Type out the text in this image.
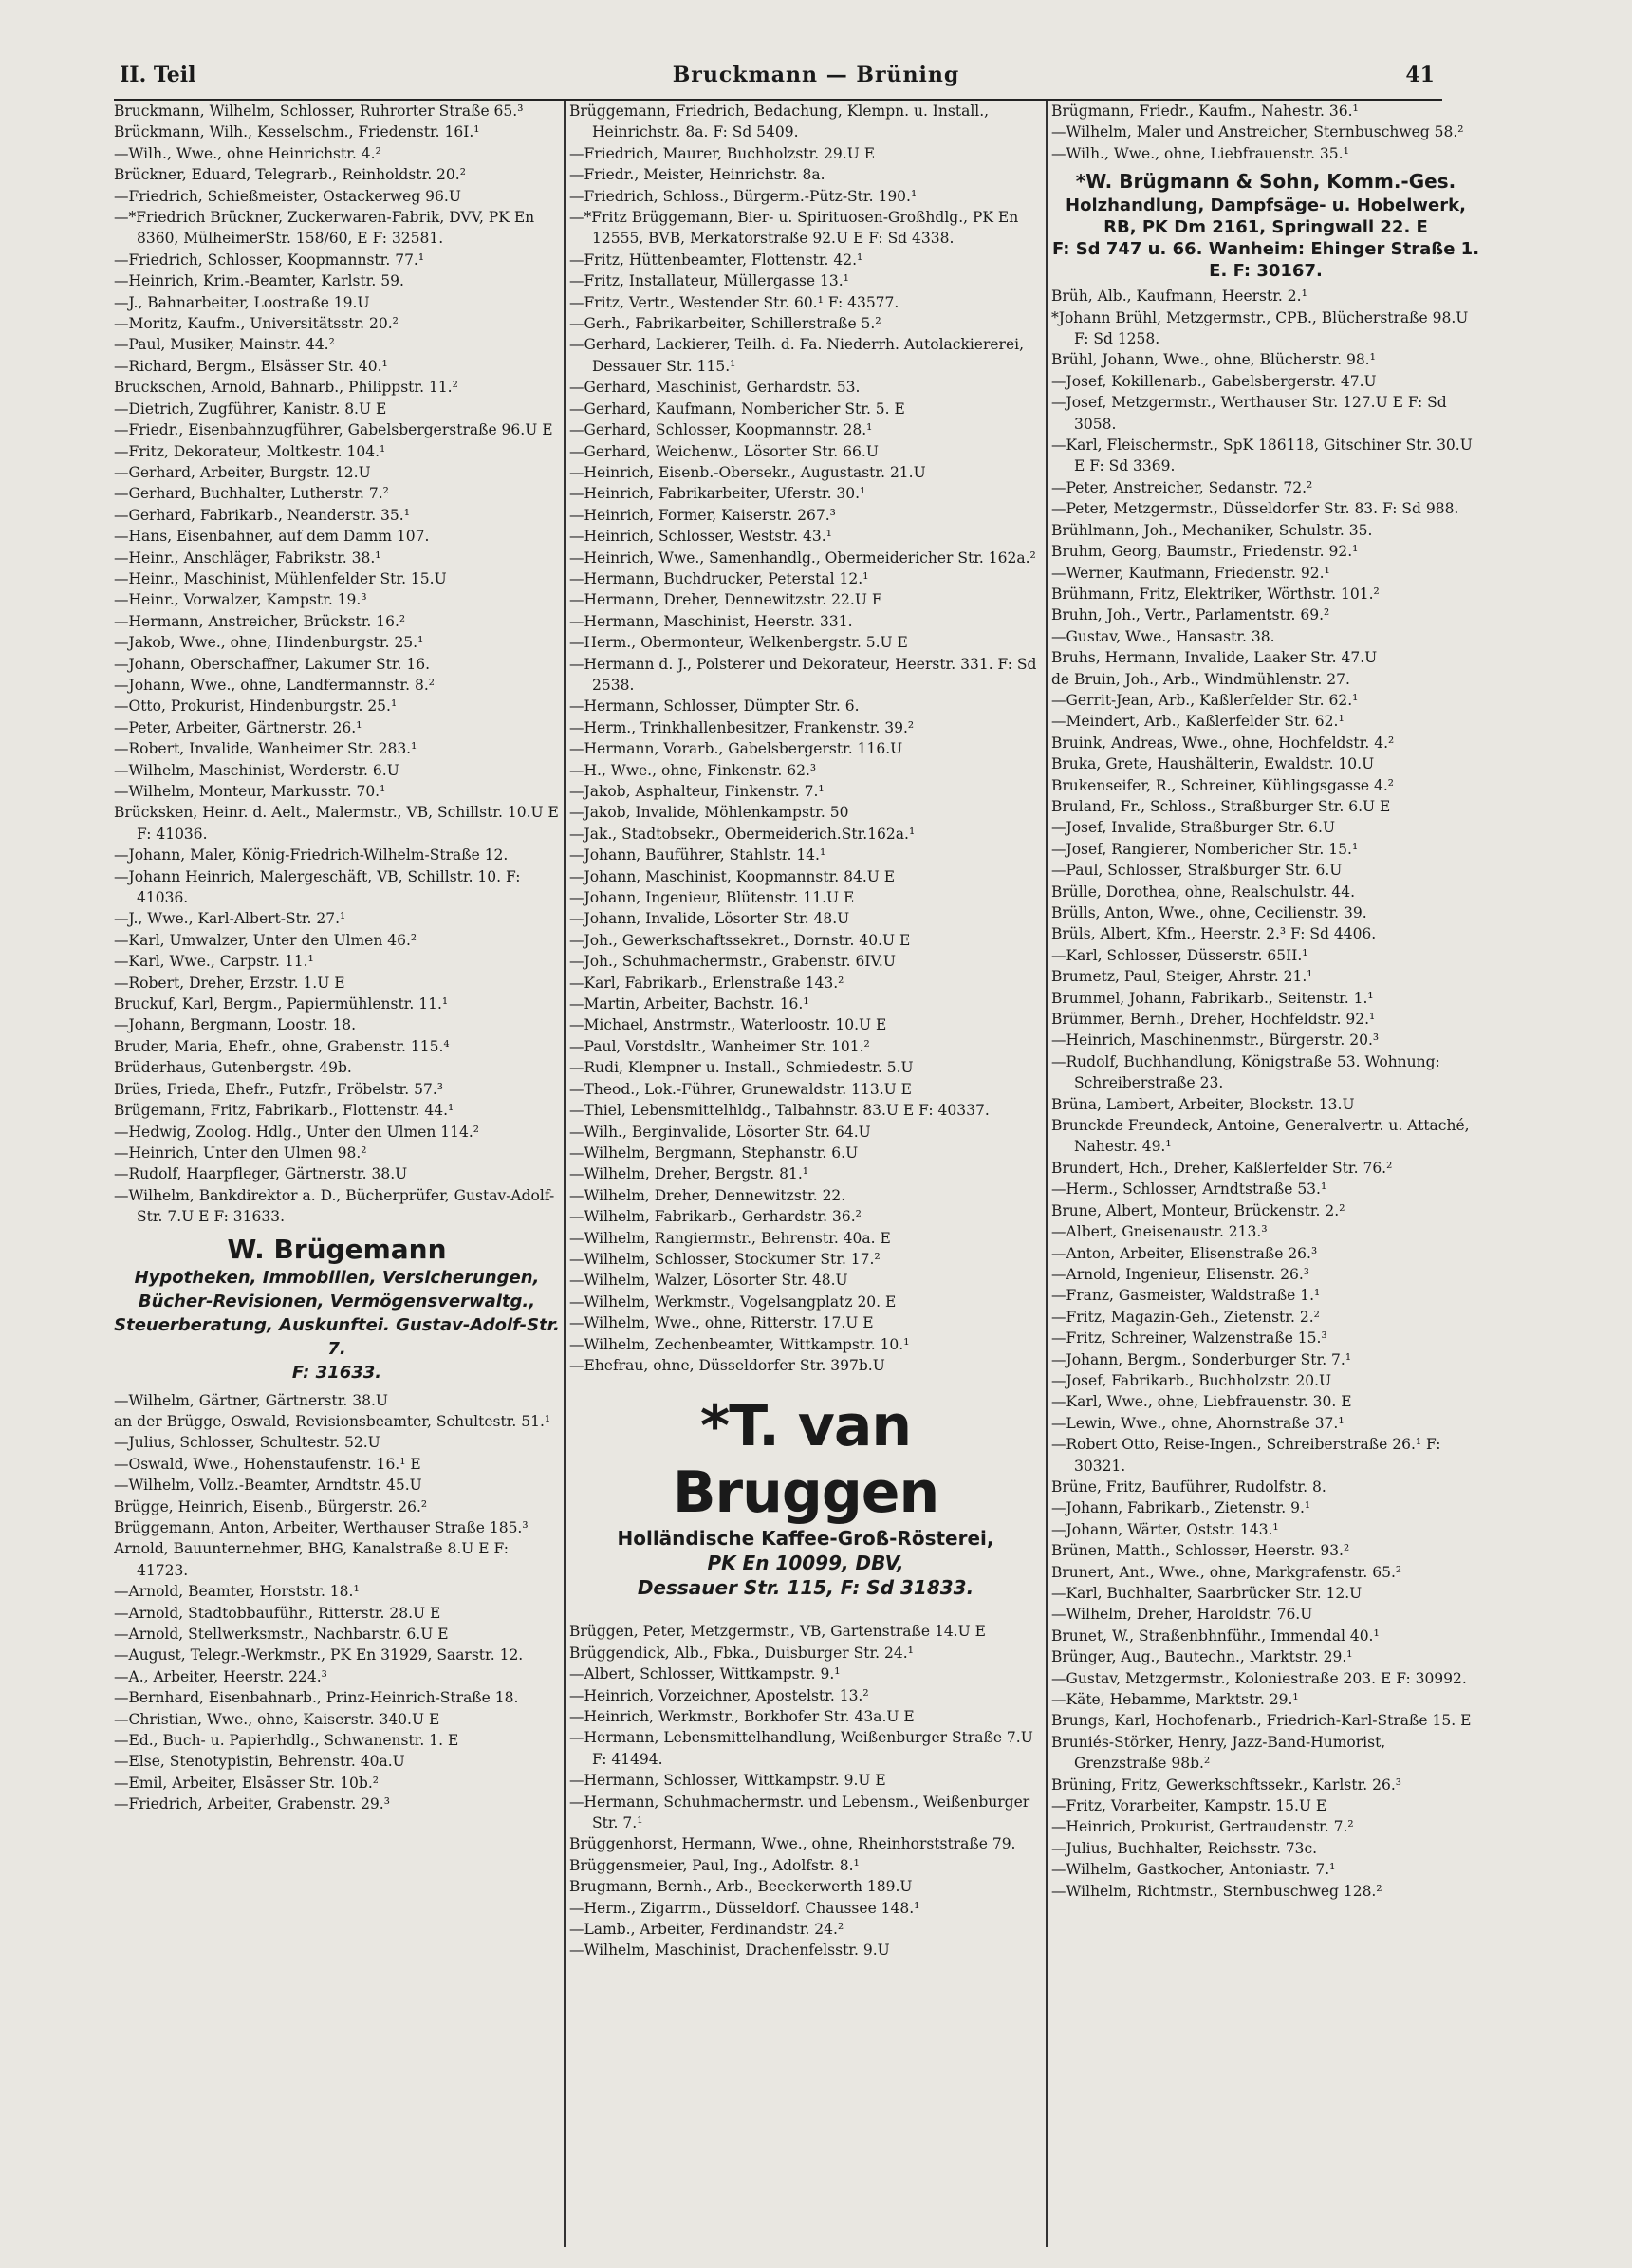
II. Teil	Bruckmann — Brüning	41
Bruckmann, Wilhelm, Schlosser, Ruhrorter Straße 65.³
Brückmann, Wilh., Kesselschm., Friedenstr. 16I.¹
—Wilh., Wwe., ohne Heinrichstr. 4.²
Brückner, Eduard, Telegrarb., Reinholdstr. 20.²
—Friedrich, Schießmeister, Ostackerweg 96.U
—*Friedrich Brückner, Zuckerwaren-Fabrik, DVV, PK En 8360, MülheimerStr. 158/60, E F: 32581.
—Friedrich, Schlosser, Koopmannstr. 77.¹
—Heinrich, Krim.-Beamter, Karlstr. 59.
—J., Bahnarbeiter, Loostraße 19.U
—Moritz, Kaufm., Universitätsstr. 20.²
—Paul, Musiker, Mainstr. 44.²
—Richard, Bergm., Elsässer Str. 40.¹
Bruckschen, Arnold, Bahnarb., Philippstr. 11.²
—Dietrich, Zugführer, Kanistr. 8.U E
—Friedr., Eisenbahnzugführer, Gabelsbergerstraße 96.U E
—Fritz, Dekorateur, Moltkestr. 104.¹
—Gerhard, Arbeiter, Burgstr. 12.U
—Gerhard, Buchhalter, Lutherstr. 7.²
—Gerhard, Fabrikarb., Neanderstr. 35.¹
—Hans, Eisenbahner, auf dem Damm 107.
—Heinr., Anschläger, Fabrikstr. 38.¹
—Heinr., Maschinist, Mühlenfelder Str. 15.U
—Heinr., Vorwalzer, Kampstr. 19.³
—Hermann, Anstreicher, Brückstr. 16.²
—Jakob, Wwe., ohne, Hindenburgstr. 25.¹
—Johann, Oberschaffner, Lakumer Str. 16.
—Johann, Wwe., ohne, Landfermannstr. 8.²
—Otto, Prokurist, Hindenburgstr. 25.¹
—Peter, Arbeiter, Gärtnerstr. 26.¹
—Robert, Invalide, Wanheimer Str. 283.¹
—Wilhelm, Maschinist, Werderstr. 6.U
—Wilhelm, Monteur, Markusstr. 70.¹
Brücksken, Heinr. d. Aelt., Malermstr., VB, Schillstr. 10.U E F: 41036.
—Johann, Maler, König-Friedrich-Wilhelm-Straße 12.
—Johann Heinrich, Malergeschäft, VB, Schillstr. 10. F: 41036.
—J., Wwe., Karl-Albert-Str. 27.¹
—Karl, Umwalzer, Unter den Ulmen 46.²
—Karl, Wwe., Carpstr. 11.¹
—Robert, Dreher, Erzstr. 1.U E
Bruckuf, Karl, Bergm., Papiermühlenstr. 11.¹
—Johann, Bergmann, Loostr. 18.
Bruder, Maria, Ehefr., ohne, Grabenstr. 115.⁴
Brüderhaus, Gutenbergstr. 49b.
Brües, Frieda, Ehefr., Putzfr., Fröbelstr. 57.³
Brügemann, Fritz, Fabrikarb., Flottenstr. 44.¹
—Hedwig, Zoolog. Hdlg., Unter den Ulmen 114.²
—Heinrich, Unter den Ulmen 98.²
—Rudolf, Haarpfleger, Gärtnerstr. 38.U
—Wilhelm, Bankdirektor a. D., Bücherprüfer, Gustav-Adolf-Str. 7.U E F: 31633.
W. Brügemann
Hypotheken, Immobilien, Versicherungen, Bücher-Revisionen, Vermögensverwaltg., Steuerberatung, Auskunftei. Gustav-Adolf-Str. 7.
F: 31633.
—Wilhelm, Gärtner, Gärtnerstr. 38.U
an der Brügge, Oswald, Revisionsbeamter, Schultestr. 51.¹
—Julius, Schlosser, Schultestr. 52.U
—Oswald, Wwe., Hohenstaufenstr. 16.¹ E
—Wilhelm, Vollz.-Beamter, Arndtstr. 45.U
Brügge, Heinrich, Eisenb., Bürgerstr. 26.²
Brüggemann, Anton, Arbeiter, Werthauser Straße 185.³
Arnold, Bauunternehmer, BHG, Kanalstraße 8.U E F: 41723.
—Arnold, Beamter, Horststr. 18.¹
—Arnold, Stadtobbauführ., Ritterstr. 28.U E
—Arnold, Stellwerksmstr., Nachbarstr. 6.U E
—August, Telegr.-Werkmstr., PK En 31929, Saarstr. 12.
—A., Arbeiter, Heerstr. 224.³
—Bernhard, Eisenbahnarb., Prinz-Heinrich-Straße 18.
—Christian, Wwe., ohne, Kaiserstr. 340.U E
—Ed., Buch- u. Papierhdlg., Schwanenstr. 1. E
—Else, Stenotypistin, Behrenstr. 40a.U
—Emil, Arbeiter, Elsässer Str. 10b.²
—Friedrich, Arbeiter, Grabenstr. 29.³
Brüggemann, Friedrich, Bedachung, Klempn. u. Install., Heinrichstr. 8a. F: Sd 5409.
—Friedrich, Maurer, Buchholzstr. 29.U E
—Friedr., Meister, Heinrichstr. 8a.
—Friedrich, Schloss., Bürgerm.-Pütz-Str. 190.¹
—*Fritz Brüggemann, Bier- u. Spirituosen-Großhdlg., PK En 12555, BVB, Merkatorstraße 92.U E F: Sd 4338.
—Fritz, Hüttenbeamter, Flottenstr. 42.¹
—Fritz, Installateur, Müllergasse 13.¹
—Fritz, Vertr., Westender Str. 60.¹ F: 43577.
—Gerh., Fabrikarbeiter, Schillerstraße 5.²
—Gerhard, Lackierer, Teilh. d. Fa. Niederrh. Autolackiererei, Dessauer Str. 115.¹
—Gerhard, Maschinist, Gerhardstr. 53.
—Gerhard, Kaufmann, Nombericher Str. 5. E
—Gerhard, Schlosser, Koopmannstr. 28.¹
—Gerhard, Weichenw., Lösorter Str. 66.U
—Heinrich, Eisenb.-Obersekr., Augustastr. 21.U
—Heinrich, Fabrikarbeiter, Uferstr. 30.¹
—Heinrich, Former, Kaiserstr. 267.³
—Heinrich, Schlosser, Weststr. 43.¹
—Heinrich, Wwe., Samenhandlg., Obermeidericher Str. 162a.²
—Hermann, Buchdrucker, Peterstal 12.¹
—Hermann, Dreher, Dennewitzstr. 22.U E
—Hermann, Maschinist, Heerstr. 331.
—Herm., Obermonteur, Welkenbergstr. 5.U E
—Hermann d. J., Polsterer und Dekorateur, Heerstr. 331. F: Sd 2538.
—Hermann, Schlosser, Dümpter Str. 6.
—Herm., Trinkhallenbesitzer, Frankenstr. 39.²
—Hermann, Vorarb., Gabelsbergerstr. 116.U
—H., Wwe., ohne, Finkenstr. 62.³
—Jakob, Asphalteur, Finkenstr. 7.¹
—Jakob, Invalide, Möhlenkampstr. 50
—Jak., Stadtobsekr., Obermeiderich.Str.162a.¹
—Johann, Bauführer, Stahlstr. 14.¹
—Johann, Maschinist, Koopmannstr. 84.U E
—Johann, Ingenieur, Blütenstr. 11.U E
—Johann, Invalide, Lösorter Str. 48.U
—Joh., Gewerkschaftssekret., Dornstr. 40.U E
—Joh., Schuhmachermstr., Grabenstr. 6IV.U
—Karl, Fabrikarb., Erlenstraße 143.²
—Martin, Arbeiter, Bachstr. 16.¹
—Michael, Anstrmstr., Waterloostr. 10.U E
—Paul, Vorstdsltr., Wanheimer Str. 101.²
—Rudi, Klempner u. Install., Schmiedestr. 5.U
—Theod., Lok.-Führer, Grunewaldstr. 113.U E
—Thiel, Lebensmittelhldg., Talbahnstr. 83.U E F: 40337.
—Wilh., Berginvalide, Lösorter Str. 64.U
—Wilhelm, Bergmann, Stephanstr. 6.U
—Wilhelm, Dreher, Bergstr. 81.¹
—Wilhelm, Dreher, Dennewitzstr. 22.
—Wilhelm, Fabrikarb., Gerhardstr. 36.²
—Wilhelm, Rangiermstr., Behrenstr. 40a. E
—Wilhelm, Schlosser, Stockumer Str. 17.²
—Wilhelm, Walzer, Lösorter Str. 48.U
—Wilhelm, Werkmstr., Vogelsangplatz 20. E
—Wilhelm, Wwe., ohne, Ritterstr. 17.U E
—Wilhelm, Zechenbeamter, Wittkampstr. 10.¹
—Ehefrau, ohne, Düsseldorfer Str. 397b.U
*T. van Bruggen
Holländische Kaffee-Groß-Rösterei,
PK En 10099, DBV,
Dessauer Str. 115, F: Sd 31833.
Brüggen, Peter, Metzgermstr., VB, Gartenstraße 14.U E
Brüggendick, Alb., Fbka., Duisburger Str. 24.¹
—Albert, Schlosser, Wittkampstr. 9.¹
—Heinrich, Vorzeichner, Apostelstr. 13.²
—Heinrich, Werkmstr., Borkhofer Str. 43a.U E
—Hermann, Lebensmittelhandlung, Weißenburger Straße 7.U F: 41494.
—Hermann, Schlosser, Wittkampstr. 9.U E
—Hermann, Schuhmachermstr. und Lebensm., Weißenburger Str. 7.¹
Brüggenhorst, Hermann, Wwe., ohne, Rheinhorststraße 79.
Brüggensmeier, Paul, Ing., Adolfstr. 8.¹
Brugmann, Bernh., Arb., Beeckerwerth 189.U
—Herm., Zigarrm., Düsseldorf. Chaussee 148.¹
—Lamb., Arbeiter, Ferdinandstr. 24.²
—Wilhelm, Maschinist, Drachenfelsstr. 9.U
Brügmann, Friedr., Kaufm., Nahestr. 36.¹
—Wilhelm, Maler und Anstreicher, Sternbuschweg 58.²
—Wilh., Wwe., ohne, Liebfrauenstr. 35.¹
*W. Brügmann & Sohn, Komm.-Ges.
Holzhandlung, Dampfsäge- u. Hobelwerk, RB, PK Dm 2161, Springwall 22. E
F: Sd 747 u. 66. Wanheim: Ehinger Straße 1. E. F: 30167.
Brüh, Alb., Kaufmann, Heerstr. 2.¹
*Johann Brühl, Metzgermstr., CPB., Blücherstraße 98.U F: Sd 1258.
Brühl, Johann, Wwe., ohne, Blücherstr. 98.¹
—Josef, Kokillenarb., Gabelsbergerstr. 47.U
—Josef, Metzgermstr., Werthauser Str. 127.U E F: Sd 3058.
—Karl, Fleischermstr., SpK 186118, Gitschiner Str. 30.U E F: Sd 3369.
—Peter, Anstreicher, Sedanstr. 72.²
—Peter, Metzgermstr., Düsseldorfer Str. 83. F: Sd 988.
Brühlmann, Joh., Mechaniker, Schulstr. 35.
Bruhm, Georg, Baumstr., Friedenstr. 92.¹
—Werner, Kaufmann, Friedenstr. 92.¹
Brühmann, Fritz, Elektriker, Wörthstr. 101.²
Bruhn, Joh., Vertr., Parlamentstr. 69.²
—Gustav, Wwe., Hansastr. 38.
Bruhs, Hermann, Invalide, Laaker Str. 47.U
de Bruin, Joh., Arb., Windmühlenstr. 27.
—Gerrit-Jean, Arb., Kaßlerfelder Str. 62.¹
—Meindert, Arb., Kaßlerfelder Str. 62.¹
Bruink, Andreas, Wwe., ohne, Hochfeldstr. 4.²
Bruka, Grete, Haushälterin, Ewaldstr. 10.U
Brukenseifer, R., Schreiner, Kühlingsgasse 4.²
Bruland, Fr., Schloss., Straßburger Str. 6.U E
—Josef, Invalide, Straßburger Str. 6.U
—Josef, Rangierer, Nombericher Str. 15.¹
—Paul, Schlosser, Straßburger Str. 6.U
Brülle, Dorothea, ohne, Realschulstr. 44.
Brülls, Anton, Wwe., ohne, Cecilienstr. 39.
Brüls, Albert, Kfm., Heerstr. 2.³ F: Sd 4406.
—Karl, Schlosser, Düsserstr. 65II.¹
Brumetz, Paul, Steiger, Ahrstr. 21.¹
Brummel, Johann, Fabrikarb., Seitenstr. 1.¹
Brümmer, Bernh., Dreher, Hochfeldstr. 92.¹
—Heinrich, Maschinenmstr., Bürgerstr. 20.³
—Rudolf, Buchhandlung, Königstraße 53. Wohnung: Schreiberstraße 23.
Brüna, Lambert, Arbeiter, Blockstr. 13.U
Brunckde Freundeck, Antoine, Generalvertr. u. Attaché, Nahestr. 49.¹
Brundert, Hch., Dreher, Kaßlerfelder Str. 76.²
—Herm., Schlosser, Arndtstraße 53.¹
Brune, Albert, Monteur, Brückenstr. 2.²
—Albert, Gneisenaustr. 213.³
—Anton, Arbeiter, Elisenstraße 26.³
—Arnold, Ingenieur, Elisenstr. 26.³
—Franz, Gasmeister, Waldstraße 1.¹
—Fritz, Magazin-Geh., Zietenstr. 2.²
—Fritz, Schreiner, Walzenstraße 15.³
—Johann, Bergm., Sonderburger Str. 7.¹
—Josef, Fabrikarb., Buchholzstr. 20.U
—Karl, Wwe., ohne, Liebfrauenstr. 30. E
—Lewin, Wwe., ohne, Ahornstraße 37.¹
—Robert Otto, Reise-Ingen., Schreiberstraße 26.¹ F: 30321.
Brüne, Fritz, Bauführer, Rudolfstr. 8.
—Johann, Fabrikarb., Zietenstr. 9.¹
—Johann, Wärter, Oststr. 143.¹
Brünen, Matth., Schlosser, Heerstr. 93.²
Brunert, Ant., Wwe., ohne, Markgrafenstr. 65.²
—Karl, Buchhalter, Saarbrücker Str. 12.U
—Wilhelm, Dreher, Haroldstr. 76.U
Brunet, W., Straßenbhnführ., Immendal 40.¹
Brünger, Aug., Bautechn., Marktstr. 29.¹
—Gustav, Metzgermstr., Koloniestraße 203. E F: 30992.
—Käte, Hebamme, Marktstr. 29.¹
Brungs, Karl, Hochofenarb., Friedrich-Karl-Straße 15. E
Bruniés-Störker, Henry, Jazz-Band-Humorist, Grenzstraße 98b.²
Brüning, Fritz, Gewerkschftssekr., Karlstr. 26.³
—Fritz, Vorarbeiter, Kampstr. 15.U E
—Heinrich, Prokurist, Gertraudenstr. 7.²
—Julius, Buchhalter, Reichsstr. 73c.
—Wilhelm, Gastkocher, Antoniastr. 7.¹
—Wilhelm, Richtmstr., Sternbuschweg 128.²
